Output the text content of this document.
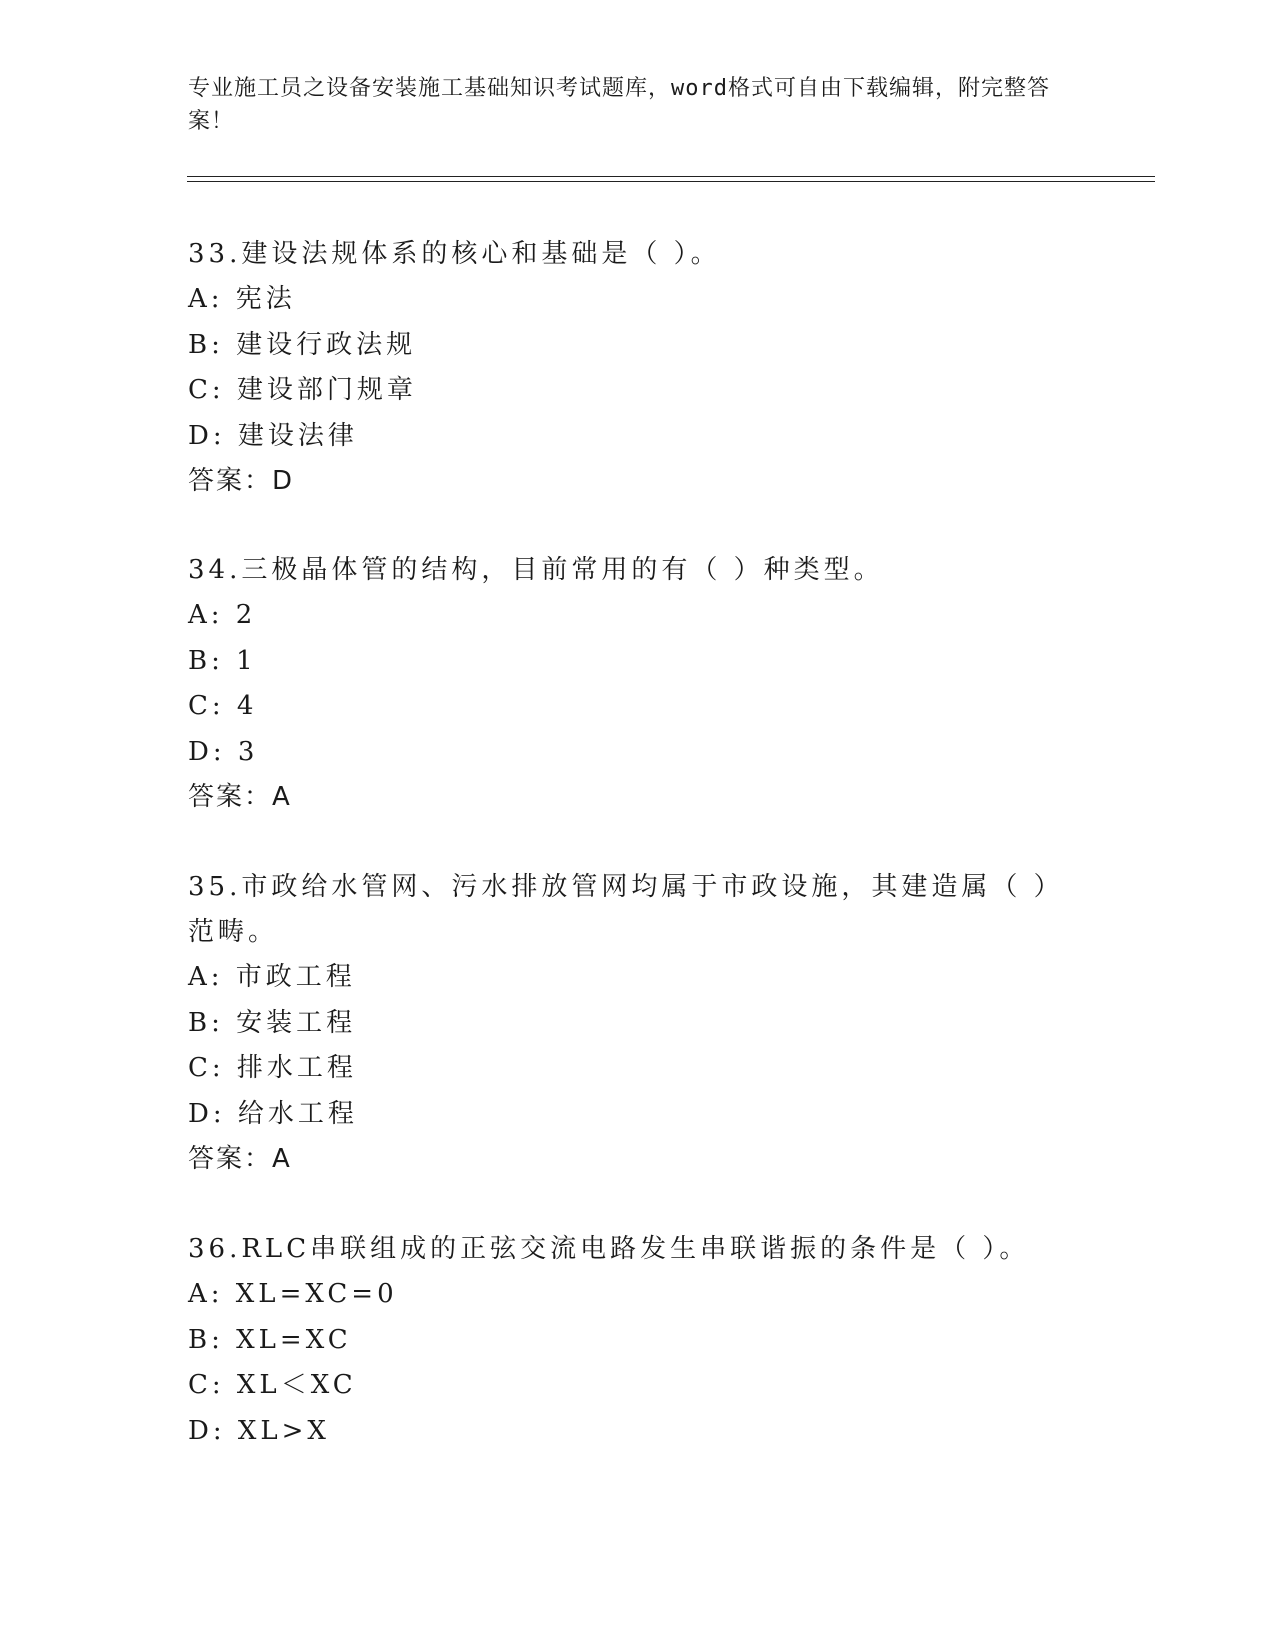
专业施工员之设备安装施工基础知识考试题库，word格式可自由下载编辑，附完整答案！
33.建设法规体系的核心和基础是（ ）。
A: 宪法
B: 建设行政法规
C: 建设部门规章
D: 建设法律
答案：D
34.三极晶体管的结构，目前常用的有（ ）种类型。
A: 2
B: 1
C: 4
D: 3
答案：A
35.市政给水管网、污水排放管网均属于市政设施，其建造属（ ）范畴。
A: 市政工程
B: 安装工程
C: 排水工程
D: 给水工程
答案：A
36.RLC串联组成的正弦交流电路发生串联谐振的条件是（ ）。
A: XL=XC=0
B: XL=XC
C: XL＜XC
D: XL>X
